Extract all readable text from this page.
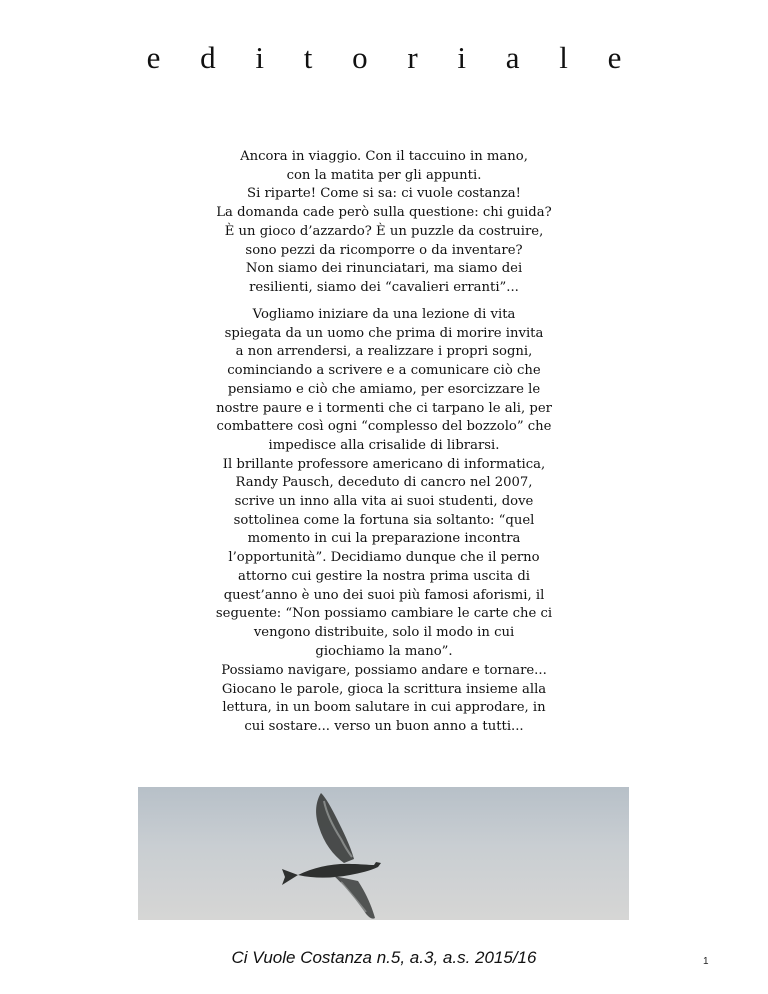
e d i t o r i a l e
Ancora in viaggio. Con il taccuino in mano,
con la matita per gli appunti.
Si riparte! Come si sa: ci vuole costanza!
La domanda cade però sulla questione: chi guida?
È un gioco d’azzardo? È un puzzle da costruire,
sono pezzi da ricomporre o da inventare?
Non siamo dei rinunciatari, ma siamo dei
resilienti, siamo dei “cavalieri erranti”...
Vogliamo iniziare da una lezione di vita
spiegata da un uomo che prima di morire invita
a non arrendersi, a realizzare i propri sogni,
cominciando a scrivere e a comunicare ciò che
pensiamo e ciò che amiamo, per esorcizzare le
nostre paure e i tormenti che ci tarpano le ali, per
combattere così ogni “complesso del bozzolo” che
impedisce alla crisalide di librarsi.
Il brillante professore americano di informatica,
Randy Pausch, deceduto di cancro nel 2007,
scrive un inno alla vita ai suoi studenti, dove
sottolinea come la fortuna sia soltanto: “quel
momento in cui la preparazione incontra
l’opportunità”. Decidiamo dunque che il perno
attorno cui gestire la nostra prima uscita di
quest’anno è uno dei suoi più famosi aforismi, il
seguente: “Non possiamo cambiare le carte che ci
vengono distribuite, solo il modo in cui
giochiamo la mano”.
Possiamo navigare, possiamo andare e tornare...
Giocano le parole, gioca la scrittura insieme alla
lettura, in un boom salutare in cui approdare, in
cui sostare... verso un buon anno a tutti...
Ci Vuole Costanza n.5, a.3, a.s. 2015/16	1
